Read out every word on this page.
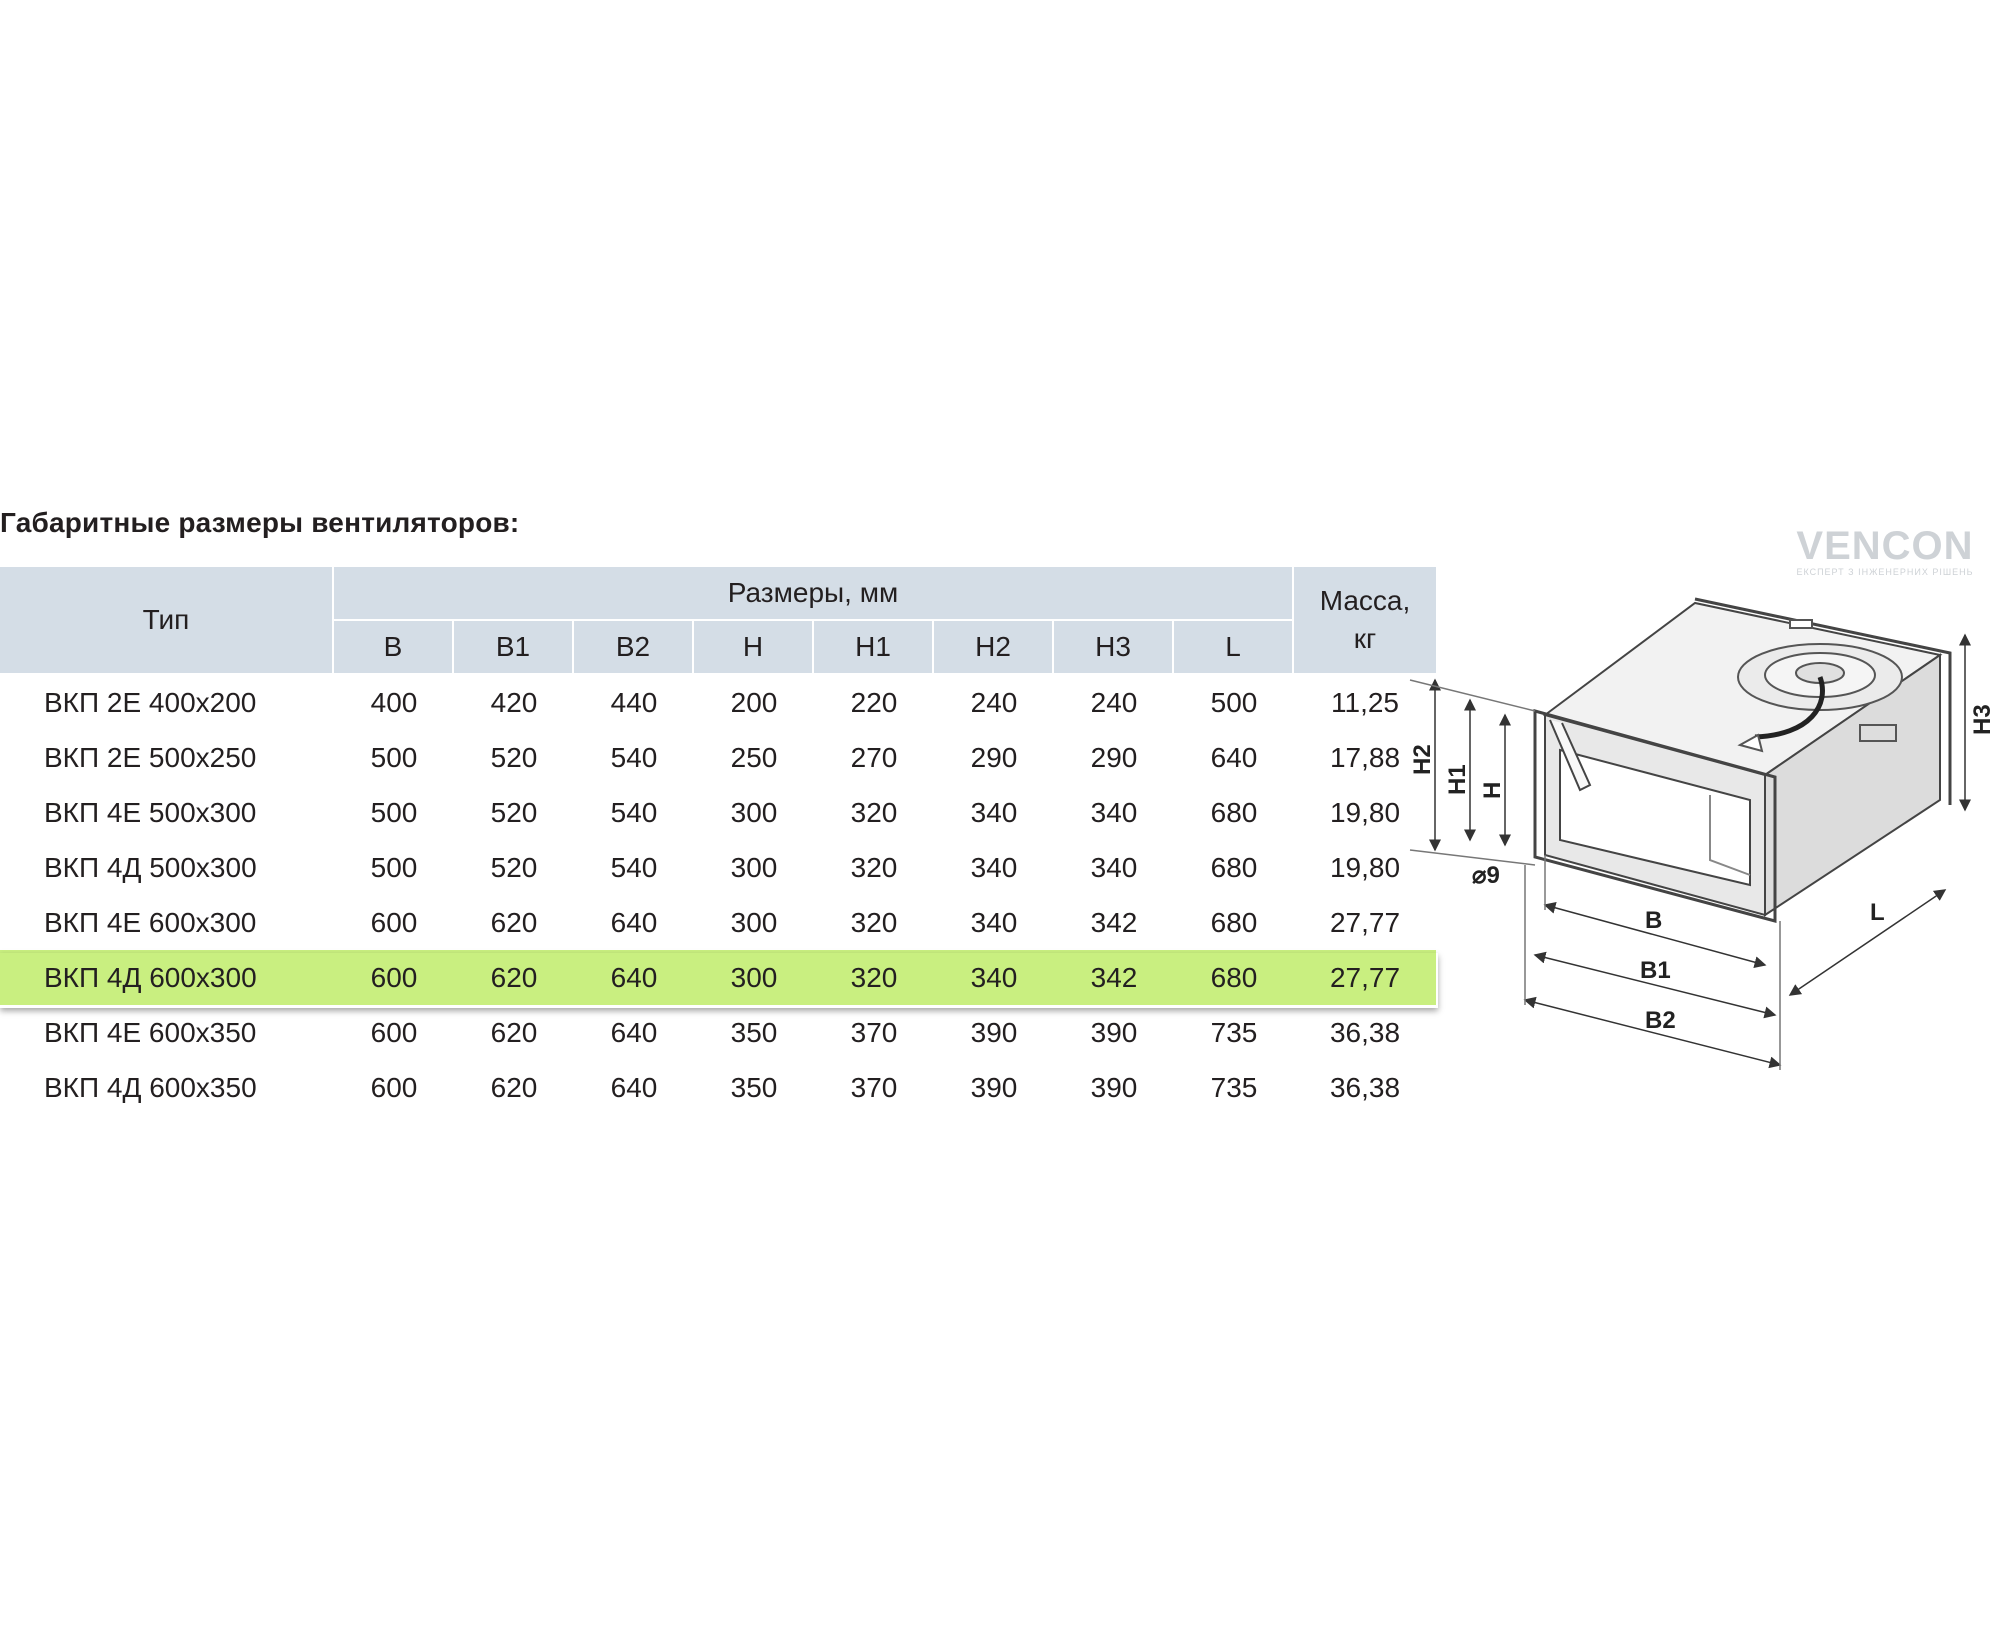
Габаритные размеры вентиляторов:
Тип	Размеры, мм								Масса,
кг
	B	B1	B2	H	H1	H2	H3	L	
ВКП 2Е 400х200	400	420	440	200	220	240	240	500	11,25
ВКП 2Е 500х250	500	520	540	250	270	290	290	640	17,88
ВКП 4Е 500х300	500	520	540	300	320	340	340	680	19,80
ВКП 4Д 500х300	500	520	540	300	320	340	340	680	19,80
ВКП 4Е 600х300	600	620	640	300	320	340	342	680	27,77
ВКП 4Д 600х300	600	620	640	300	320	340	342	680	27,77
ВКП 4Е 600х350	600	620	640	350	370	390	390	735	36,38
ВКП 4Д 600х350	600	620	640	350	370	390	390	735	36,38
VENCON
ЕКСПЕРТ З ІНЖЕНЕРНИХ РІШЕНЬ
H2
H1 H
H3
B
B1
B2
L
⌀9
